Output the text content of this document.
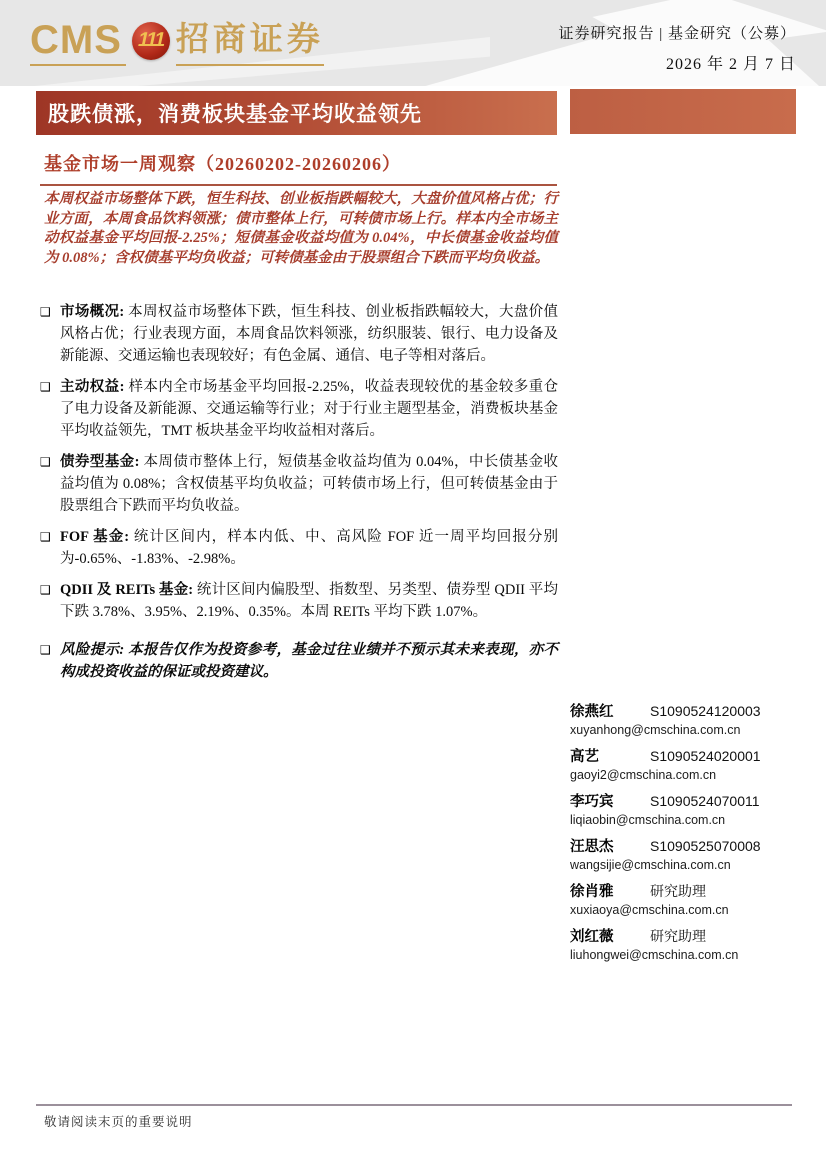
CMS 111 招商证券	证券研究报告 | 基金研究（公募）
2026 年 2 月 7 日
股跌债涨，消费板块基金平均收益领先
基金市场一周观察（20260202-20260206）
本周权益市场整体下跌，恒生科技、创业板指跌幅较大，大盘价值风格占优；行业方面，本周食品饮料领涨；债市整体上行，可转债市场上行。样本内全市场主动权益基金平均回报-2.25%；短债基金收益均值为 0.04%，中长债基金收益均值为 0.08%；含权债基平均负收益；可转债基金由于股票组合下跌而平均负收益。
❑ 市场概况: 本周权益市场整体下跌，恒生科技、创业板指跌幅较大，大盘价值风格占优；行业表现方面，本周食品饮料领涨，纺织服装、银行、电力设备及新能源、交通运输也表现较好；有色金属、通信、电子等相对落后。
❑ 主动权益: 样本内全市场基金平均回报-2.25%，收益表现较优的基金较多重仓了电力设备及新能源、交通运输等行业；对于行业主题型基金，消费板块基金平均收益领先，TMT 板块基金平均收益相对落后。
❑ 债券型基金: 本周债市整体上行，短债基金收益均值为 0.04%，中长债基金收益均值为 0.08%；含权债基平均负收益；可转债市场上行，但可转债基金由于股票组合下跌而平均负收益。
❑ FOF 基金: 统计区间内，样本内低、中、高风险 FOF 近一周平均回报分别为-0.65%、-1.83%、-2.98%。
❑ QDII 及 REITs 基金: 统计区间内偏股型、指数型、另类型、债券型 QDII 平均下跌 3.78%、3.95%、2.19%、0.35%。本周 REITs 平均下跌 1.07%。
❑ 风险提示: 本报告仅作为投资参考，基金过往业绩并不预示其未来表现，亦不构成投资收益的保证或投资建议。
徐燕红	S1090524120003
xuyanhong@cmschina.com.cn
高艺	S1090524020001
gaoyi2@cmschina.com.cn
李巧宾	S1090524070011
liqiaobin@cmschina.com.cn
汪思杰	S1090525070008
wangsijie@cmschina.com.cn
徐肖雅	研究助理
xuxiaoya@cmschina.com.cn
刘红薇	研究助理
liuhongwei@cmschina.com.cn
敬请阅读末页的重要说明
